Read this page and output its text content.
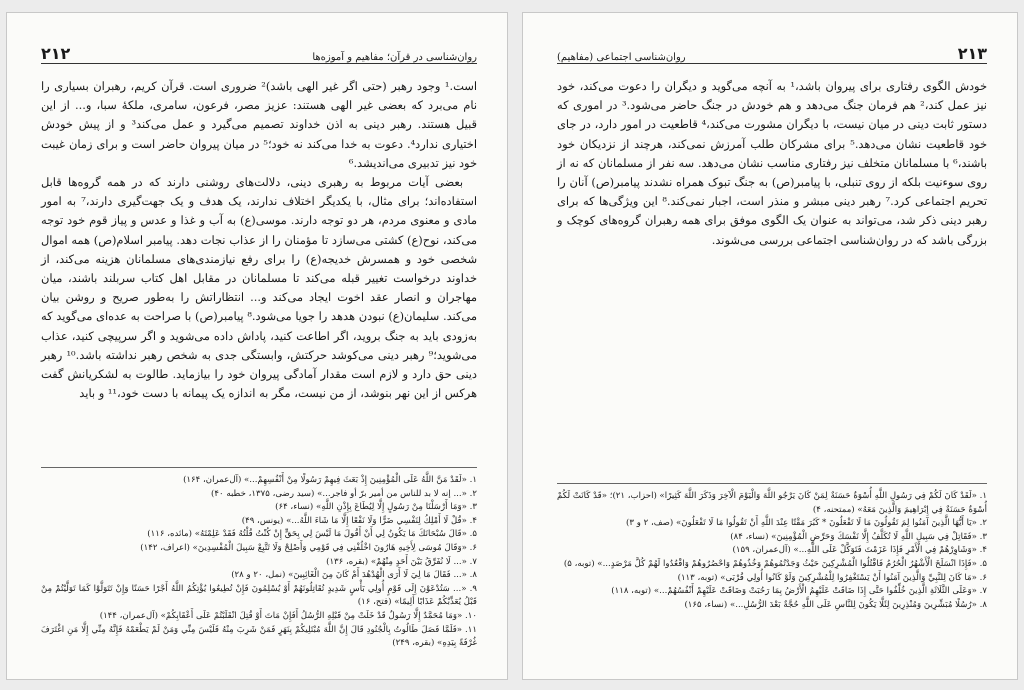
روان‌شناسی در قرآن؛ مفاهیم و آموزه‌ها
۲۱۲

است.¹ وجود رهبر (حتی اگر غیر الهی باشد)² ضروری است. قرآن کریم، رهبران بسیاری را نام می‌برد که بعضی غیر الهی هستند: عزیز مصر، فرعون، سامری، ملکهٔ سبا، و... از این قبیل هستند. رهبر دینی به اذن خداوند تصمیم می‌گیرد و عمل می‌کند³ و از پیش خودش اختیاری ندارد⁴. دعوت به خدا می‌کند نه خود؛⁵ در میان پیروان حاضر است و برای زمان غیبت خود نیز تدبیری می‌اندیشد.⁶

بعضی آیات مربوط به رهبری دینی، دلالت‌های روشنی دارند که در همه گروه‌ها قابل استفاده‌اند؛ برای مثال، با یکدیگر اختلاف ندارند، یک هدف و یک جهت‌گیری دارند،⁷ به امور مادی و معنوی مردم، هر دو توجه دارند. موسی(ع) به آب و غذا و عدس و پیاز قوم خود توجه می‌کند، نوح(ع) کشتی می‌سازد تا مؤمنان را از عذاب نجات دهد. پیامبر اسلام(ص) همه اموال شخصی خود و همسرش خدیجه(ع) را برای رفع نیازمندی‌های مسلمانان هزینه می‌کند، از خداوند درخواست تغییر قبله می‌کند تا مسلمانان در مقابل اهل کتاب سربلند باشند، میان مهاجران و انصار عقد اخوت ایجاد می‌کند و... انتظاراتش را به‌طور صریح و روشن بیان می‌کند. سلیمان(ع) نبودن هدهد را جویا می‌شود.⁸ پیامبر(ص) با صراحت به عده‌ای می‌گوید که به‌زودی باید به جنگ بروید، اگر اطاعت کنید، پاداش داده می‌شوید و اگر سرپیچی کنید، عذاب می‌شوید؛⁹ رهبر دینی می‌کوشد حرکتش، وابستگی جدی به شخص رهبر نداشته باشد.¹⁰ رهبر دینی حق دارد و لازم است مقدار آمادگی پیروان خود را بیازماید. طالوت به لشکریانش گفت هرکس از این نهر بنوشد، از من نیست، مگر به اندازه یک پیمانه با دست خود،¹¹ و باید

۱. «لَقَدْ مَنَّ اللَّهُ عَلَى الْمُؤْمِنِينَ إِذْ بَعَثَ فِيهِمْ رَسُولًا مِنْ أَنْفُسِهِمْ...» (آل‌عمران، ۱۶۴)

۲. «... إنه لا بد للناس من أمير برّ أو فاجر...» (سید رضی، ۱۳۷۵، خطبه ۴۰)

۳. «وَمَا أَرْسَلْنَا مِنْ رَسُولٍ إِلَّا لِيُطَاعَ بِإِذْنِ اللَّهِ» (نساء، ۶۴)

۴. «قُلْ لَا أَمْلِكُ لِنَفْسِي ضَرًّا وَلَا نَفْعًا إِلَّا مَا شَاءَ اللَّهُ...» (یونس، ۴۹)

۵. «قَالَ سُبْحَانَكَ مَا يَكُونُ لِي أَنْ أَقُولَ مَا لَيْسَ لِي بِحَقٍّ إِنْ كُنْتُ قُلْتُهُ فَقَدْ عَلِمْتَهُ» (مائده، ۱۱۶)

۶. «وَقَالَ مُوسَى لِأَخِيهِ هَارُونَ اخْلُفْنِي فِي قَوْمِي وَأَصْلِحْ وَلَا تَتَّبِعْ سَبِيلَ الْمُفْسِدِينَ» (اعراف، ۱۴۲)

۷. «... لَا نُفَرِّقُ بَيْنَ أَحَدٍ مِنْهُمْ» (بقره، ۱۳۶)

۸. «... فَقَالَ مَا لِيَ لَا أَرَى الْهُدْهُدَ أَمْ كَانَ مِنَ الْغَائِبِينَ» (نمل، ۲۰ و ۲۸)

۹. «... سَتُدْعَوْنَ إِلَى قَوْمٍ أُولِي بَأْسٍ شَدِيدٍ تُقَاتِلُونَهُمْ أَوْ يُسْلِمُونَ فَإِنْ تُطِيعُوا يُؤْتِكُمُ اللَّهُ أَجْرًا حَسَنًا وَإِنْ تَتَوَلَّوْا كَمَا تَوَلَّيْتُمْ مِنْ قَبْلُ يُعَذِّبْكُمْ عَذَابًا أَلِيمًا» (فتح، ۱۶)

۱۰. «وَمَا مُحَمَّدٌ إِلَّا رَسُولٌ قَدْ خَلَتْ مِنْ قَبْلِهِ الرُّسُلُ أَفَإِنْ مَاتَ أَوْ قُتِلَ انْقَلَبْتُمْ عَلَى أَعْقَابِكُمْ» (آل‌عمران، ۱۴۴)

۱۱. «فَلَمَّا فَصَلَ طَالُوتُ بِالْجُنُودِ قَالَ إِنَّ اللَّهَ مُبْتَلِيكُمْ بِنَهَرٍ فَمَنْ شَرِبَ مِنْهُ فَلَيْسَ مِنِّي وَمَنْ لَمْ يَطْعَمْهُ فَإِنَّهُ مِنِّي إِلَّا مَنِ اغْتَرَفَ غُرْفَةً بِيَدِهِ» (بقره، ۲۴۹)

۲۱۳
روان‌شناسی اجتماعی (مفاهیم)

خودش الگوی رفتاری برای پیروان باشد،¹ به آنچه می‌گوید و دیگران را دعوت می‌کند، خود نیز عمل کند،² هم فرمان جنگ می‌دهد و هم خودش در جنگ حاضر می‌شود.³ در اموری که دستور ثابت دینی در میان نیست، با دیگران مشورت می‌کند،⁴ قاطعیت در امور دارد، در جای خود قاطعیت نشان می‌دهد.⁵ برای مشرکان طلب آمرزش نمی‌کند، هرچند از نزدیکان خود باشند،⁶ با مسلمانان متخلف نیز رفتاری مناسب نشان می‌دهد. سه نفر از مسلمانان که نه از روی سوءنیت بلکه از روی تنبلی، با پیامبر(ص) به جنگ تبوک همراه نشدند پیامبر(ص) آنان را تحریم اجتماعی کرد.⁷ رهبر دینی مبشر و منذر است، اجبار نمی‌کند.⁸ این ویژگی‌ها که برای رهبر دینی ذکر شد، می‌تواند به عنوان یک الگوی موفق برای همه رهبران گروه‌های کوچک و بزرگی باشد که در روان‌شناسی اجتماعی بررسی می‌شوند.

۱. «لَقَدْ كَانَ لَكُمْ فِي رَسُولِ اللَّهِ أُسْوَةٌ حَسَنَةٌ لِمَنْ كَانَ يَرْجُو اللَّهَ وَالْيَوْمَ الْآخِرَ وَذَكَرَ اللَّهَ كَثِيرًا» (احزاب، ۲۱)؛ «قَدْ كَانَتْ لَكُمْ أُسْوَةٌ حَسَنَةٌ فِي إِبْرَاهِيمَ وَالَّذِينَ مَعَهُ» (ممتحنه، ۴)

۲. «يَا أَيُّهَا الَّذِينَ آمَنُوا لِمَ تَقُولُونَ مَا لَا تَفْعَلُونَ * كَبُرَ مَقْتًا عِنْدَ اللَّهِ أَنْ تَقُولُوا مَا لَا تَفْعَلُونَ» (صف، ۲ و ۳)

۳. «فَقَاتِلْ فِي سَبِيلِ اللَّهِ لَا تُكَلَّفُ إِلَّا نَفْسَكَ وَحَرِّضِ الْمُؤْمِنِينَ» (نساء، ۸۴)

۴. «وَشَاوِرْهُمْ فِي الْأَمْرِ فَإِذَا عَزَمْتَ فَتَوَكَّلْ عَلَى اللَّهِ...» (آل‌عمران، ۱۵۹)

۵. «فَإِذَا انْسَلَخَ الْأَشْهُرُ الْحُرُمُ فَاقْتُلُوا الْمُشْرِكِينَ حَيْثُ وَجَدْتُمُوهُمْ وَخُذُوهُمْ وَاحْصُرُوهُمْ وَاقْعُدُوا لَهُمْ كُلَّ مَرْصَدٍ...» (توبه، ۵)

۶. «مَا كَانَ لِلنَّبِيِّ وَالَّذِينَ آمَنُوا أَنْ يَسْتَغْفِرُوا لِلْمُشْرِكِينَ وَلَوْ كَانُوا أُولِي قُرْبَى» (توبه، ۱۱۳)

۷. «وَعَلَى الثَّلَاثَةِ الَّذِينَ خُلِّفُوا حَتَّى إِذَا ضَاقَتْ عَلَيْهِمُ الْأَرْضُ بِمَا رَحُبَتْ وَضَاقَتْ عَلَيْهِمْ أَنْفُسُهُمْ...» (توبه، ۱۱۸)

۸. «رُسُلًا مُبَشِّرِينَ وَمُنْذِرِينَ لِئَلَّا يَكُونَ لِلنَّاسِ عَلَى اللَّهِ حُجَّةٌ بَعْدَ الرُّسُلِ...» (نساء، ۱۶۵)
